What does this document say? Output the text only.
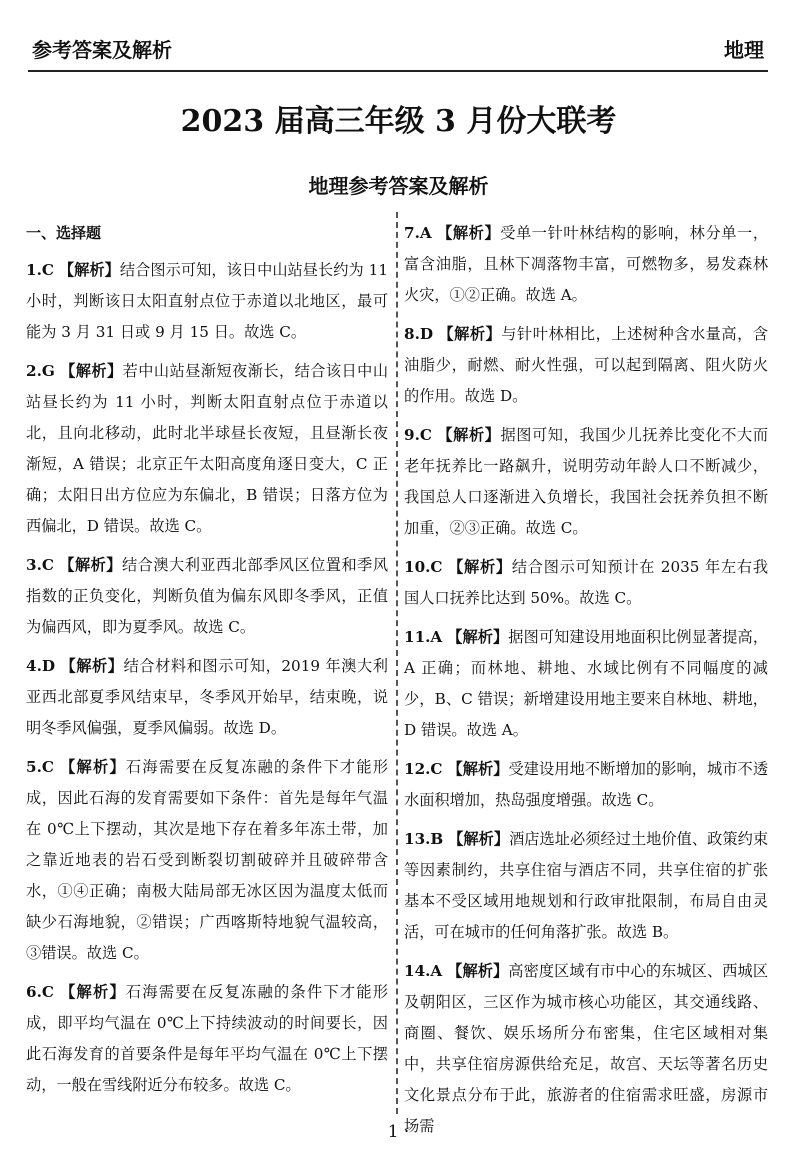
参考答案及解析	地理
2023 届高三年级 3 月份大联考
地理参考答案及解析
一、选择题
1.C 【解析】结合图示可知，该日中山站昼长约为 11 小时，判断该日太阳直射点位于赤道以北地区，最可能为 3 月 31 日或 9 月 15 日。故选 C。
2.G 【解析】若中山站昼渐短夜渐长，结合该日中山站昼长约为 11 小时，判断太阳直射点位于赤道以北，且向北移动，此时北半球昼长夜短，且昼渐长夜渐短，A 错误；北京正午太阳高度角逐日变大，C 正确；太阳日出方位应为东偏北，B 错误；日落方位为西偏北，D 错误。故选 C。
3.C 【解析】结合澳大利亚西北部季风区位置和季风指数的正负变化，判断负值为偏东风即冬季风，正值为偏西风，即为夏季风。故选 C。
4.D 【解析】结合材料和图示可知，2019 年澳大利亚西北部夏季风结束早，冬季风开始早，结束晚，说明冬季风偏强，夏季风偏弱。故选 D。
5.C 【解析】石海需要在反复冻融的条件下才能形成，因此石海的发育需要如下条件：首先是每年气温在 0℃上下摆动，其次是地下存在着多年冻土带，加之靠近地表的岩石受到断裂切割破碎并且破碎带含水，①④正确；南极大陆局部无冰区因为温度太低而缺少石海地貌，②错误；广西喀斯特地貌气温较高，③错误。故选 C。
6.C 【解析】石海需要在反复冻融的条件下才能形成，即平均气温在 0℃上下持续波动的时间要长，因此石海发育的首要条件是每年平均气温在 0℃上下摆动，一般在雪线附近分布较多。故选 C。
7.A 【解析】受单一针叶林结构的影响，林分单一，富含油脂，且林下凋落物丰富，可燃物多，易发森林火灾，①②正确。故选 A。
8.D 【解析】与针叶林相比，上述树种含水量高，含油脂少，耐燃、耐火性强，可以起到隔离、阻火防火的作用。故选 D。
9.C 【解析】据图可知，我国少儿抚养比变化不大而老年抚养比一路飙升，说明劳动年龄人口不断减少，我国总人口逐渐进入负增长，我国社会抚养负担不断加重，②③正确。故选 C。
10.C 【解析】结合图示可知预计在 2035 年左右我国人口抚养比达到 50%。故选 C。
11.A 【解析】据图可知建设用地面积比例显著提高，A 正确；而林地、耕地、水域比例有不同幅度的减少，B、C 错误；新增建设用地主要来自林地、耕地，D 错误。故选 A。
12.C 【解析】受建设用地不断增加的影响，城市不透水面积增加，热岛强度增强。故选 C。
13.B 【解析】酒店选址必须经过土地价值、政策约束等因素制约，共享住宿与酒店不同，共享住宿的扩张基本不受区域用地规划和行政审批限制，布局自由灵活，可在城市的任何角落扩张。故选 B。
14.A 【解析】高密度区域有市中心的东城区、西城区及朝阳区，三区作为城市核心功能区，其交通线路、商圈、餐饮、娱乐场所分布密集，住宅区域相对集中，共享住宿房源供给充足，故宫、天坛等著名历史文化景点分布于此，旅游者的住宿需求旺盛，房源市场需
1 ·
